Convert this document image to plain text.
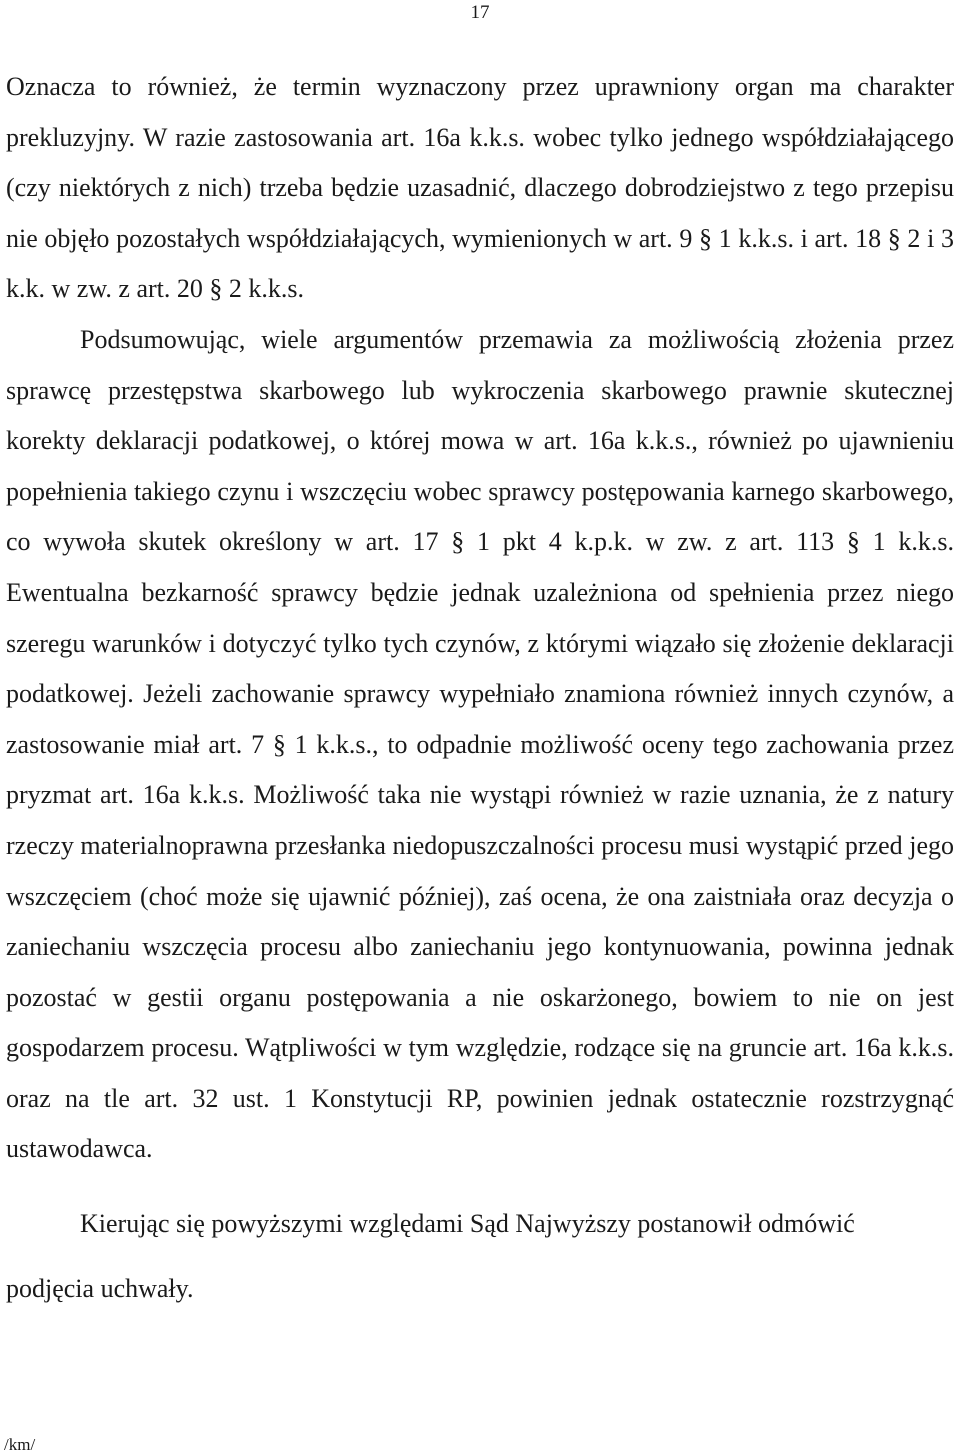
17

Oznacza to również, że termin wyznaczony przez uprawniony organ ma charakter prekluzyjny. W razie zastosowania art. 16a k.k.s. wobec tylko jednego współdziałającego (czy niektórych z nich) trzeba będzie uzasadnić, dlaczego dobrodziejstwo z tego przepisu nie objęło pozostałych współdziałających, wymienionych w art. 9 § 1 k.k.s. i art. 18 § 2 i 3 k.k. w zw. z art. 20 § 2 k.k.s.

Podsumowując, wiele argumentów przemawia za możliwością złożenia przez sprawcę przestępstwa skarbowego lub wykroczenia skarbowego prawnie skutecznej korekty deklaracji podatkowej, o której mowa w art. 16a k.k.s., również po ujawnieniu popełnienia takiego czynu i wszczęciu wobec sprawcy postępowania karnego skarbowego, co wywoła skutek określony w art. 17 § 1 pkt 4 k.p.k. w zw. z art. 113 § 1 k.k.s. Ewentualna bezkarność sprawcy będzie jednak uzależniona od spełnienia przez niego szeregu warunków i dotyczyć tylko tych czynów, z którymi wiązało się złożenie deklaracji podatkowej. Jeżeli zachowanie sprawcy wypełniało znamiona również innych czynów, a zastosowanie miał art. 7 § 1 k.k.s., to odpadnie możliwość oceny tego zachowania przez pryzmat art. 16a k.k.s. Możliwość taka nie wystąpi również w razie uznania, że z natury rzeczy materialnoprawna przesłanka niedopuszczalności procesu musi wystąpić przed jego wszczęciem (choć może się ujawnić później), zaś ocena, że ona zaistniała oraz decyzja o zaniechaniu wszczęcia procesu albo zaniechaniu jego kontynuowania, powinna jednak pozostać w gestii organu postępowania a nie oskarżonego, bowiem to nie on jest gospodarzem procesu. Wątpliwości w tym względzie, rodzące się na gruncie art. 16a k.k.s. oraz na tle art. 32 ust. 1 Konstytucji RP, powinien jednak ostatecznie rozstrzygnąć ustawodawca.

Kierując się powyższymi względami Sąd Najwyższy postanowił odmówić

podjęcia uchwały.

/km/
